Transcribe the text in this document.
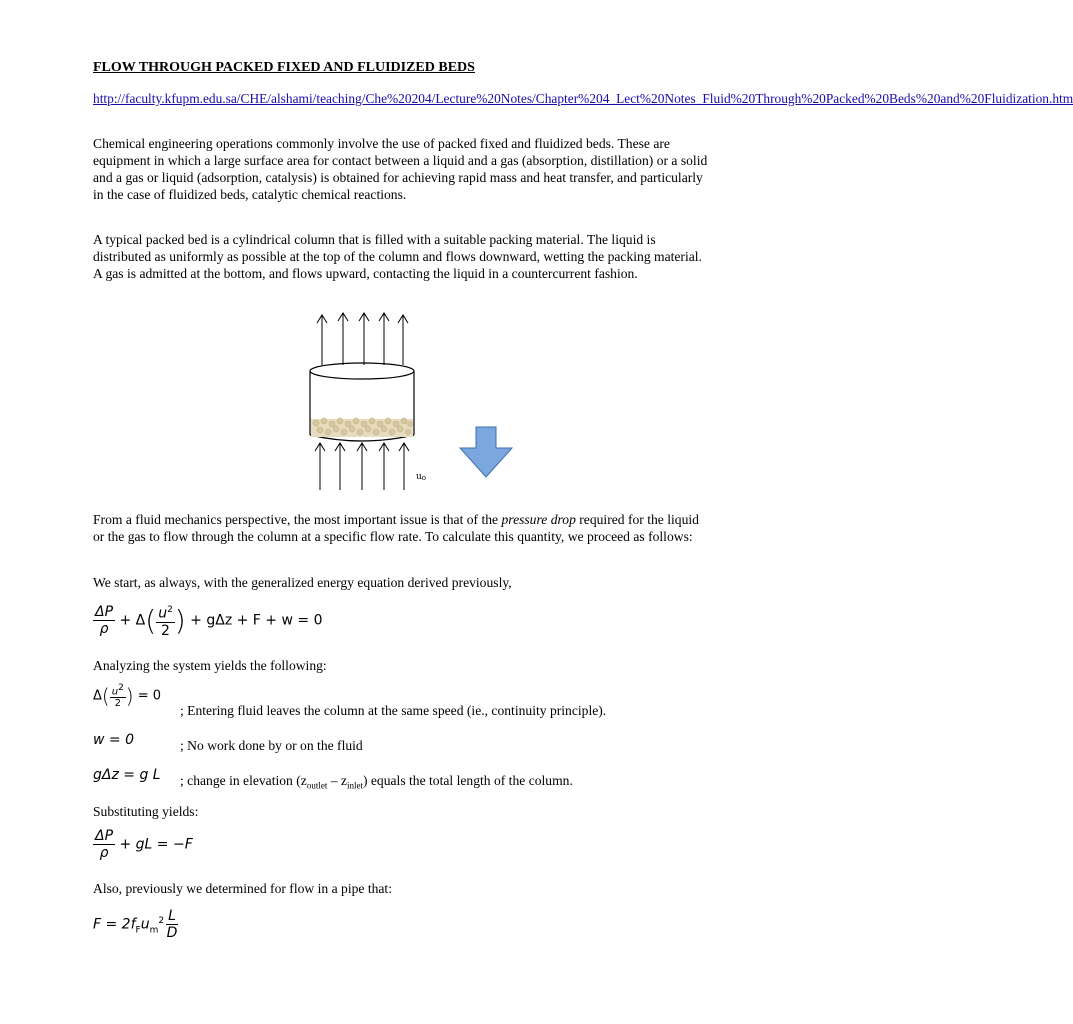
FLOW THROUGH PACKED FIXED AND FLUIDIZED BEDS
http://faculty.kfupm.edu.sa/CHE/alshami/teaching/Che%20204/Lecture%20Notes/Chapter%204_Lect%20Notes_Fluid%20Through%20Packed%20Beds%20and%20Fluidization.htm

Chemical engineering operations commonly involve the use of packed fixed and fluidized beds. These are equipment in which a large surface area for contact between a liquid and a gas (absorption, distillation) or a solid and a gas or liquid (adsorption, catalysis) is obtained for achieving rapid mass and heat transfer, and particularly in the case of fluidized beds, catalytic chemical reactions.

A typical packed bed is a cylindrical column that is filled with a suitable packing material. The liquid is distributed as uniformly as possible at the top of the column and flows downward, wetting the packing material. A gas is admitted at the bottom, and flows upward, contacting the liquid in a countercurrent fashion.

uo

From a fluid mechanics perspective, the most important issue is that of the pressure drop required for the liquid or the gas to flow through the column at a specific flow rate. To calculate this quantity, we proceed as follows:

We start, as always, with the generalized energy equation derived previously,

$\frac{\Delta P}{\rho} + \Delta( \frac{u^2}{2}$ ) + gΔz + F + w = 0

Analyzing the system yields the following:

$\Delta( \frac{u^2}{2}$ ) = 0
; Entering fluid leaves the column at the same speed (ie., continuity principle).
w = 0	; No work done by or on the fluid
gΔz = g L ; change in elevation $(z_{outlet} - z_{inlet})$ equals the total length of the column.

Substituting yields:

$\frac{\Delta P}{\rho}$ + gL = −F

Also, previously we determined for flow in a pipe that:

$F = 2f_Fu_m^2 \frac{L}{D}$
